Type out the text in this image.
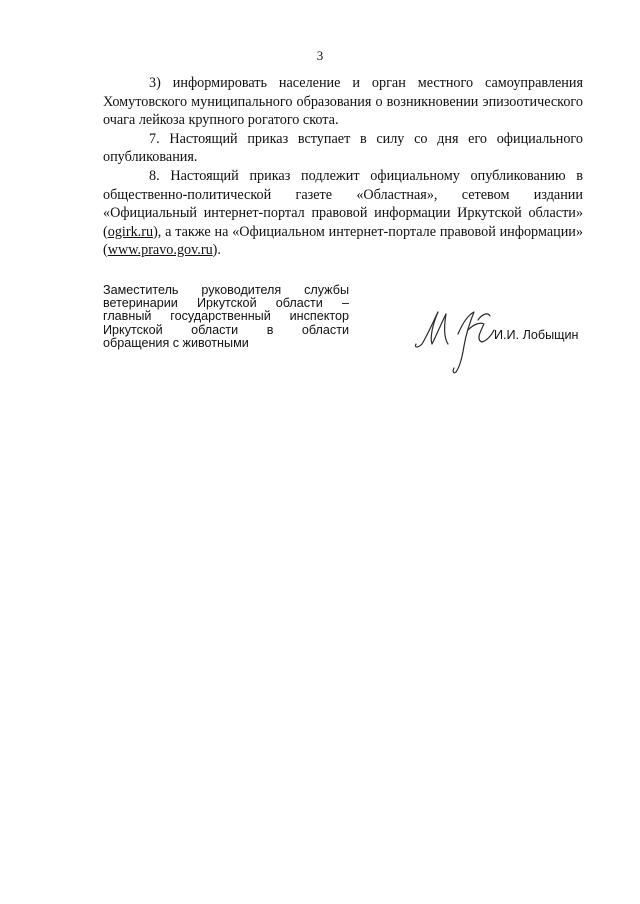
3

3) информировать население и орган местного самоуправления Хомутовского муниципального образования о возникновении эпизоотического очага лейкоза крупного рогатого скота.

7. Настоящий приказ вступает в силу со дня его официального опубликования.

8. Настоящий приказ подлежит официальному опубликованию в общественно-политической газете «Областная», сетевом издании «Официальный интернет-портал правовой информации Иркутской области» (ogirk.ru), а также на «Официальном интернет-портале правовой информации» (www.pravo.gov.ru).

Заместитель руководителя службы
ветеринарии Иркутской области –
главный государственный инспектор
Иркутской области в области
обращения с животными
И.И. Лобыщин
